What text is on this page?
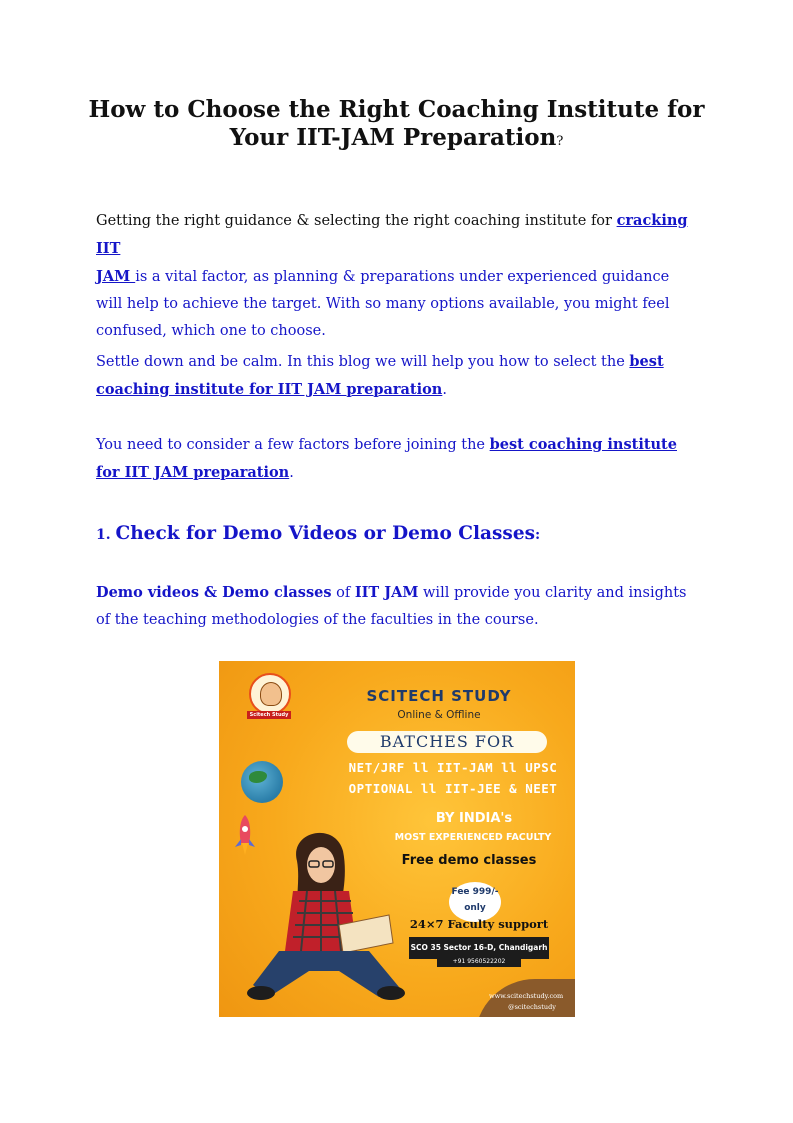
How to Choose the Right Coaching Institute for
Your IIT-JAM Preparation?

Getting the right guidance & selecting the right coaching institute for cracking IIT
JAM is a vital factor, as planning & preparations under experienced guidance will help to achieve the target. With so many options available, you might feel confused, which one to choose.

Settle down and be calm. In this blog we will help you how to select the best coaching institute for IIT JAM preparation.

You need to consider a few factors before joining the best coaching institute for IIT JAM preparation.

1. Check for Demo Videos or Demo Classes:

Demo videos & Demo classes of IIT JAM will provide you clarity and insights of the teaching methodologies of the faculties in the course.

Scitech Study
SCITECH STUDY
Online & Offline
BATCHES FOR
NET/JRF ll IIT-JAM ll UPSC
OPTIONAL ll IIT-JEE & NEET
BY INDIA's
MOST EXPERIENCED FACULTY
Free demo classes
Fee 999/-
only
24×7 Faculty support
SCO 35 Sector 16-D, Chandigarh
+91 9560522202
www.scitechstudy.com
@scitechstudy
